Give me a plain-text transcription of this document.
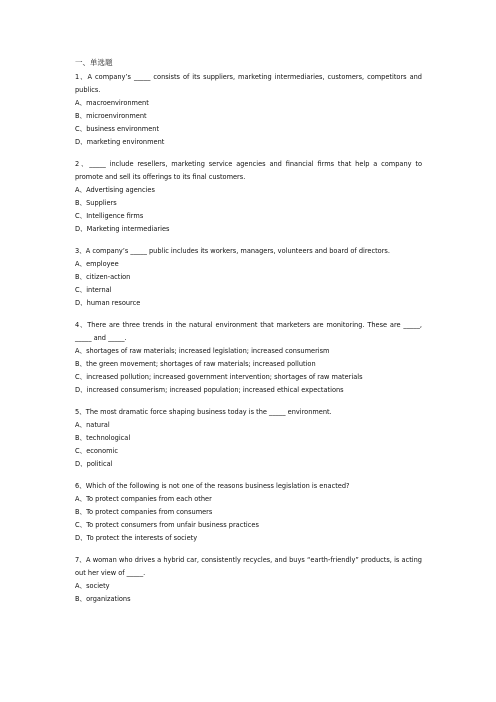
一、单选题
1、A company’s _____ consists of its suppliers, marketing intermediaries, customers, competitors and publics.
A、macroenvironment
B、microenvironment
C、business environment
D、marketing environment
2、_____ include resellers, marketing service agencies and financial firms that help a company to promote and sell its offerings to its final customers.
A、Advertising agencies
B、Suppliers
C、Intelligence firms
D、Marketing intermediaries
3、A company’s _____ public includes its workers, managers, volunteers and board of directors.
A、employee
B、citizen-action
C、internal
D、human resource
4、There are three trends in the natural environment that marketers are monitoring. These are _____, _____ and _____.
A、shortages of raw materials; increased legislation; increased consumerism
B、the green movement; shortages of raw materials; increased pollution
C、increased pollution; increased government intervention; shortages of raw materials
D、increased consumerism; increased population; increased ethical expectations
5、The most dramatic force shaping business today is the _____ environment.
A、natural
B、technological
C、economic
D、political
6、Which of the following is not one of the reasons business legislation is enacted?
A、To protect companies from each other
B、To protect companies from consumers
C、To protect consumers from unfair business practices
D、To protect the interests of society
7、A woman who drives a hybrid car, consistently recycles, and buys “earth-friendly” products, is acting out her view of _____.
A、society
B、organizations
